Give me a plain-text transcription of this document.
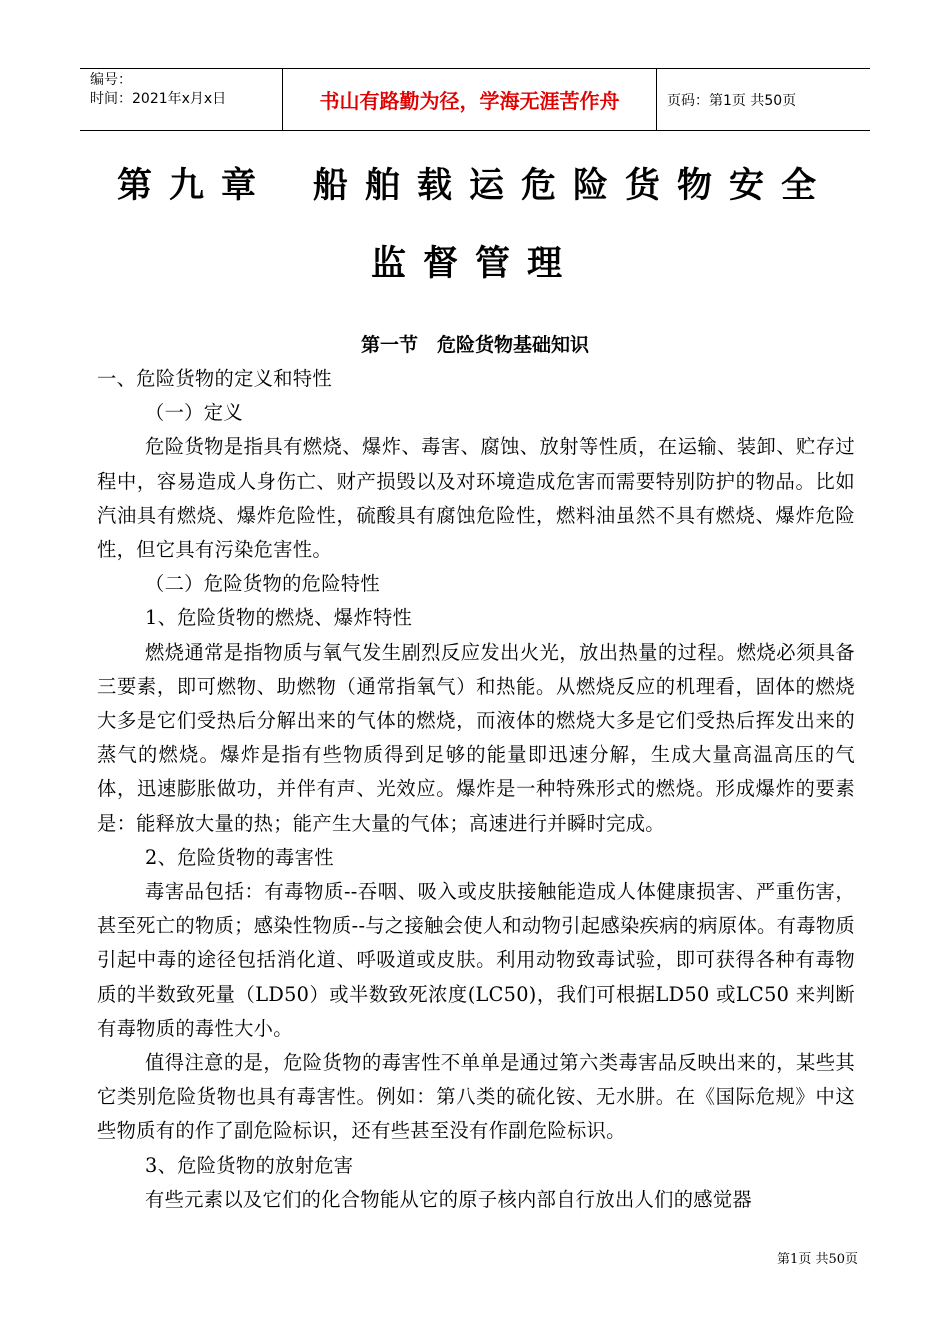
编号：
时间：2021年x月x日	书山有路勤为径，学海无涯苦作舟	页码：第1页 共50页
第九章 船舶载运危险货物安全
监督管理
第一节　危险货物基础知识

一、危险货物的定义和特性

（一）定义

危险货物是指具有燃烧、爆炸、毒害、腐蚀、放射等性质，在运输、装卸、贮存过程中，容易造成人身伤亡、财产损毁以及对环境造成危害而需要特别防护的物品。比如汽油具有燃烧、爆炸危险性，硫酸具有腐蚀危险性，燃料油虽然不具有燃烧、爆炸危险性，但它具有污染危害性。

（二）危险货物的危险特性

1、危险货物的燃烧、爆炸特性

燃烧通常是指物质与氧气发生剧烈反应发出火光，放出热量的过程。燃烧必须具备三要素，即可燃物、助燃物（通常指氧气）和热能。从燃烧反应的机理看，固体的燃烧大多是它们受热后分解出来的气体的燃烧，而液体的燃烧大多是它们受热后挥发出来的蒸气的燃烧。爆炸是指有些物质得到足够的能量即迅速分解，生成大量高温高压的气体，迅速膨胀做功，并伴有声、光效应。爆炸是一种特殊形式的燃烧。形成爆炸的要素是：能释放大量的热；能产生大量的气体；高速进行并瞬时完成。

2、危险货物的毒害性

毒害品包括：有毒物质--吞咽、吸入或皮肤接触能造成人体健康损害、严重伤害，甚至死亡的物质；感染性物质--与之接触会使人和动物引起感染疾病的病原体。有毒物质引起中毒的途径包括消化道、呼吸道或皮肤。利用动物致毒试验，即可获得各种有毒物质的半数致死量（LD50）或半数致死浓度(LC50)，我们可根据LD50 或LC50 来判断有毒物质的毒性大小。

值得注意的是，危险货物的毒害性不单单是通过第六类毒害品反映出来的，某些其它类别危险货物也具有毒害性。例如：第八类的硫化铵、无水肼。在《国际危规》中这些物质有的作了副危险标识，还有些甚至没有作副危险标识。

3、危险货物的放射危害

有些元素以及它们的化合物能从它的原子核内部自行放出人们的感觉器

第1页 共50页
